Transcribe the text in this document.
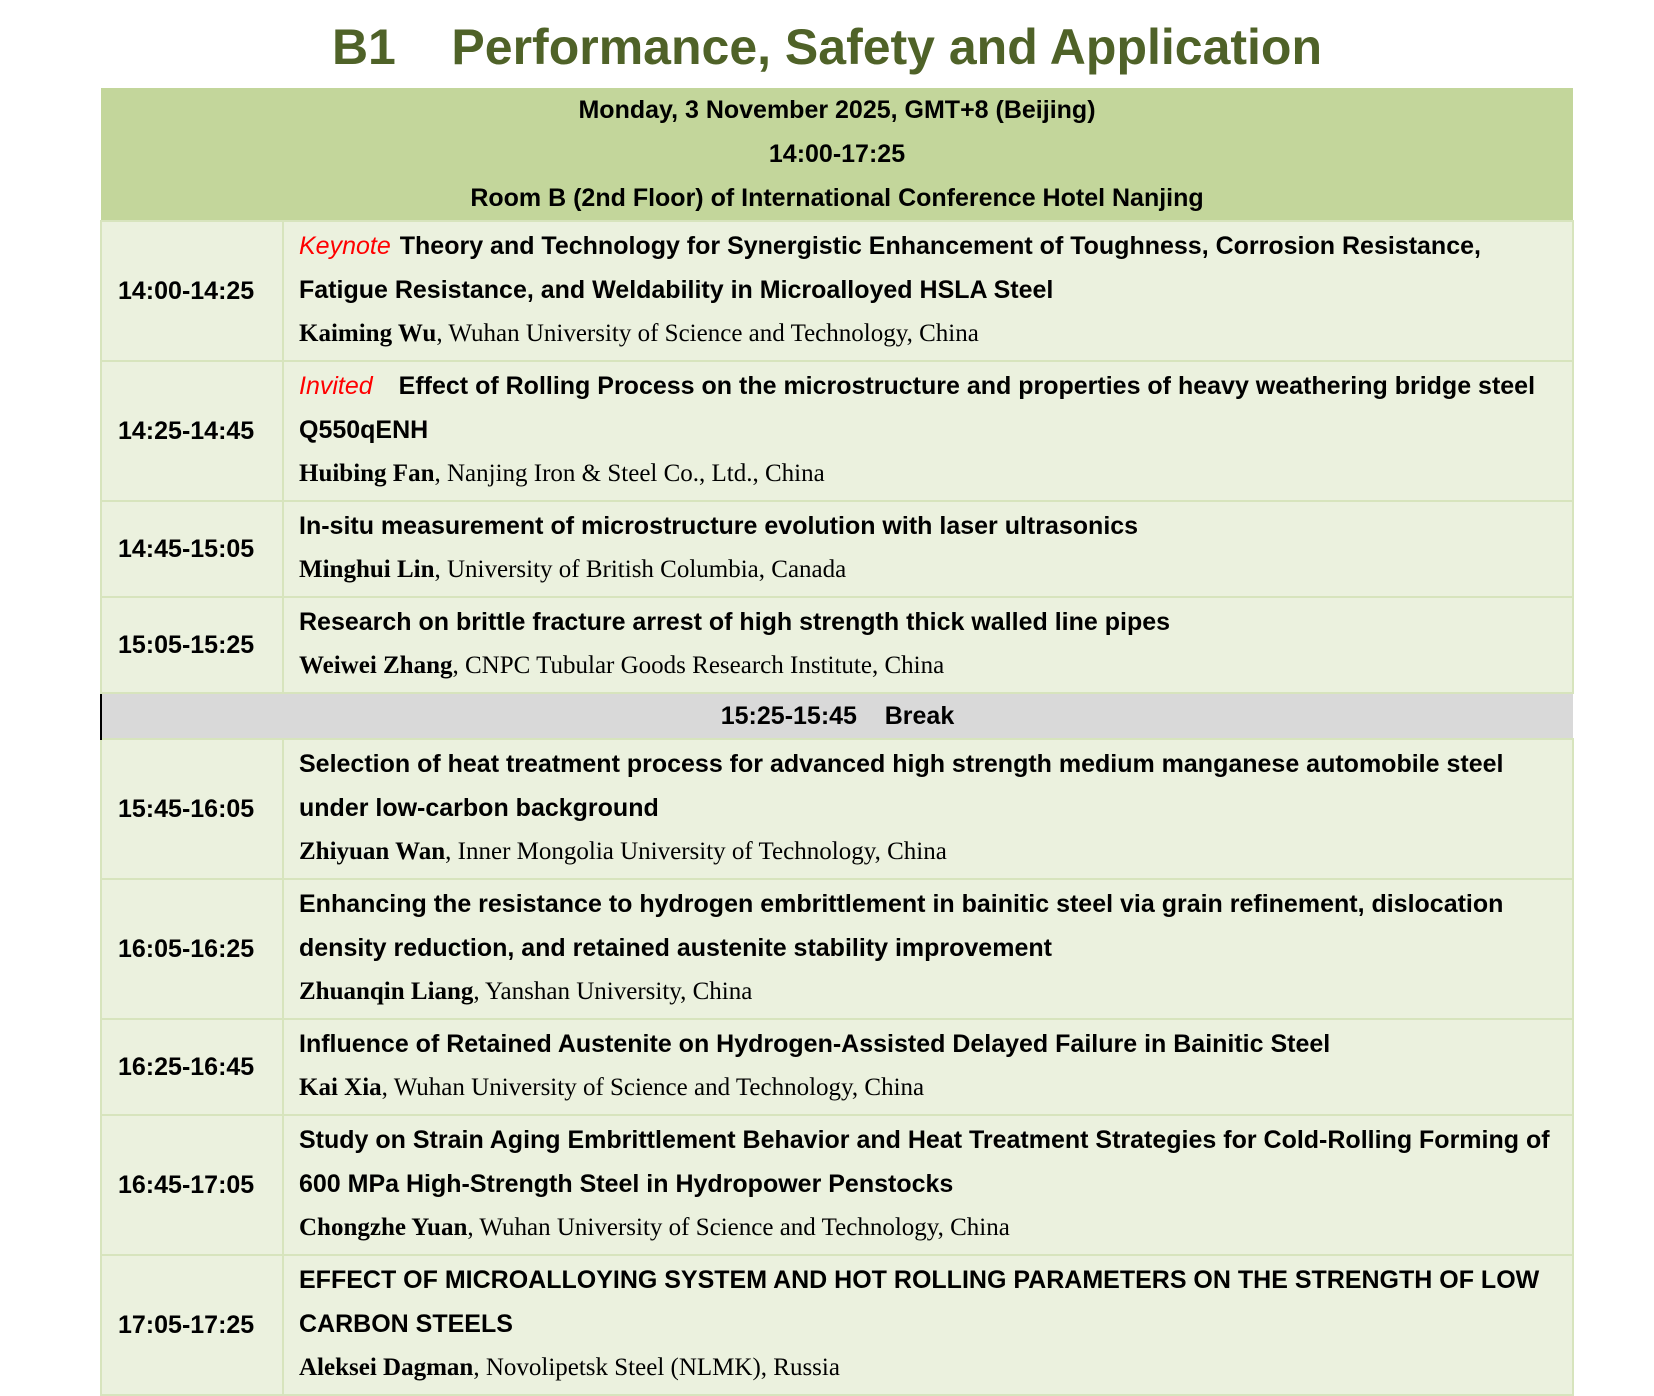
B1    Performance, Safety and Application
Monday, 3 November 2025, GMT+8 (Beijing)
14:00-17:25
Room B (2nd Floor) of International Conference Hotel Nanjing	

14:00-14:25	Keynote Theory and Technology for Synergistic Enhancement of Toughness, Corrosion Resistance, Fatigue Resistance, and Weldability in Microalloyed HSLA Steel
Kaiming Wu, Wuhan University of Science and Technology, China

14:25-14:45	Invited Effect of Rolling Process on the microstructure and properties of heavy weathering bridge steel Q550qENH
Huibing Fan, Nanjing Iron & Steel Co., Ltd., China

14:45-15:05	In-situ measurement of microstructure evolution with laser ultrasonics
Minghui Lin, University of British Columbia, Canada

15:05-15:25	Research on brittle fracture arrest of high strength thick walled line pipes
Weiwei Zhang, CNPC Tubular Goods Research Institute, China

15:25-15:45    Break	
15:45-16:05	Selection of heat treatment process for advanced high strength medium manganese automobile steel under low-carbon background
Zhiyuan Wan, Inner Mongolia University of Technology, China

16:05-16:25	Enhancing the resistance to hydrogen embrittlement in bainitic steel via grain refinement, dislocation density reduction, and retained austenite stability improvement
Zhuanqin Liang, Yanshan University, China

16:25-16:45	Influence of Retained Austenite on Hydrogen-Assisted Delayed Failure in Bainitic Steel
Kai Xia, Wuhan University of Science and Technology, China

16:45-17:05	Study on Strain Aging Embrittlement Behavior and Heat Treatment Strategies for Cold-Rolling Forming of 600 MPa High-Strength Steel in Hydropower Penstocks
Chongzhe Yuan, Wuhan University of Science and Technology, China

17:05-17:25	EFFECT OF MICROALLOYING SYSTEM AND HOT ROLLING PARAMETERS ON THE STRENGTH OF LOW CARBON STEELS
Aleksei Dagman, Novolipetsk Steel (NLMK), Russia
